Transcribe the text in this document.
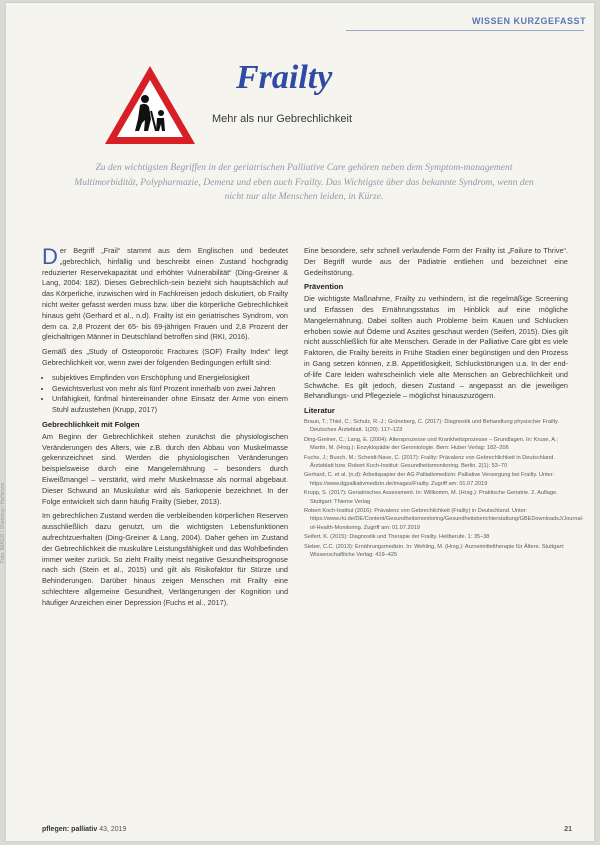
WISSEN KURZGEFASST
Frailty
Mehr als nur Gebrechlichkeit
Zu den wichtigsten Begriffen in der geriatrischen Palliative Care gehören neben dem Symptom-management Multimorbidität, Polypharmazie, Demenz und eben auch Frailty. Das Wichtigste über das bekannte Syndrom, wenn den nicht nur alte Menschen leiden, in Kürze.

Der Begriff „Frail“ stammt aus dem Englischen und bedeutet „gebrechlich, hinfällig und beschreibt einen Zustand hochgradig reduzierter Reservekapazität und erhöhter Vulnerabilität“ (Ding-Greiner & Lang, 2004: 182). Dieses Gebrechlich-sein bezieht sich hauptsächlich auf das Körperliche, inzwischen wird in Fachkreisen jedoch diskutiert, ob Frailty nicht weiter gefasst werden muss bzw. über die körperliche Gebrechlichkeit hinaus geht (Gerhard et al., n.d). Frailty ist ein geriatrisches Syndrom, von dem ca. 2,8 Prozent der 65- bis 69-jährigen Frauen und 2,8 Prozent der gleichaltrigen Männer in Deutschland betroffen sind (RKI, 2016).

Gemäß des „Study of Osteoporotic Fractures (SOF) Frailty Index“ liegt Gebrechlichkeit vor, wenn zwei der folgenden Bedingungen erfüllt sind:

• subjektives Empfinden von Erschöpfung und Energielosigkeit
• Gewichtsverlust von mehr als fünf Prozent innerhalb von zwei Jahren
• Unfähigkeit, fünfmal hintereinander ohne Einsatz der Arme von einem Stuhl aufzustehen (Krupp, 2017)
Gebrechlichkeit mit Folgen

Am Beginn der Gebrechlichkeit stehen zunächst die physiologischen Veränderungen des Alters, wie z.B. durch den Abbau von Muskelmasse gekennzeichnet sind. Werden die physiologischen Veränderungen beispielsweise durch eine Mangelernährung – besonders durch Eiweißmangel – verstärkt, wird mehr Muskelmasse als normal abgebaut. Dieser Schwund an Muskulatur wird als Sarkopenie bezeichnet. In der Folge entwickelt sich dann häufig Frailty (Sieber, 2013).

Im gebrechlichen Zustand werden die verbleibenden körperlichen Reserven ausschließlich dazu genutzt, um die wichtigsten Lebensfunktionen aufrechtzuerhalten (Ding-Greiner & Lang, 2004). Daher gehen im Zustand der Gebrechlichkeit die muskuläre Leistungsfähigkeit und das Wohlbefinden immer weiter zurück. So zieht Frailty meist negative Gesundheitsprognose nach sich (Stein et al., 2015) und gilt als Risikofaktor für Stürze und Behinderungen. Darüber hinaus zeigen Menschen mit Frailty eine schlechtere allgemeine Gesundheit, Verlängerungen der Kognition und häufiger Anzeichen einer Depression (Fuchs et al., 2017).

Eine besondere, sehr schnell verlaufende Form der Frailty ist „Failure to Thrive“. Der Begriff wurde aus der Pädiatrie entliehen und bezeichnet eine Gedeihstörung.

Prävention

Die wichtigste Maßnahme, Frailty zu verhindern, ist die regelmäßige Screening und Erfassen des Ernährungsstatus im Hinblick auf eine mögliche Mangelernährung. Dabei sollten auch Probleme beim Kauen und Schlucken erhoben sowie auf Ödeme und Aszites geschaut werden (Seifert, 2015). Dies gilt nicht ausschließlich für alte Menschen. Gerade in der Palliative Care gibt es viele Faktoren, die Frailty bereits in Frühe Stadien einer begünstigen und den Prozess in Gang setzen können, z.B. Appetitlosigkeit, Schluckstörungen u.a. In der end-of-life Care leiden wahrscheinlich viele alte Menschen an Gebrechlichkeit und Schwäche. Es gilt jedoch, diesen Zustand – angepasst an die jeweiligen Behandlungs- und Pflegeziele – möglichst hinauszuzögern.

Literatur
Braun, T.; Thiel, C.; Schulz, R.-J.; Grüneberg, C. (2017): Diagnostik und Behandlung physischer Frailty. Deutsches Ärzteblatt. 1(20): 117–123
Ding-Greiner, C.; Lang, E. (2004): Altersprozesse und Krankheitsprozesse – Grundlagen. In: Kruse, A.; Martin, M. (Hrsg.): Enzyklopädie der Gerontologie. Bern: Huber Verlag: 182–206
Fuchs, J.; Busch, M.; Scheidt-Nave, C. (2017): Frailty: Prävalenz von Gebrechlichkeit in Deutschland. Ärzteblatt bzw. Robert Koch-Institut: Gesundheitsmonitoring. Berlin. 2(1): 53–70
Gerhard, C. et al. (n.d): Arbeitspapier der AG Palliativmedizin: Palliative Versorgung bei Frailty. Unter: https://www.dgpalliativmedizin.de/images/Frailty. Zugriff am: 01.07.2019
Krupp, S. (2017): Geriatrisches Assessment. In: Willkomm, M. (Hrsg.): Praktische Geriatrie. 2. Auflage. Stuttgart: Thieme Verlag
Robert Koch-Institut (2016): Prävalenz von Gebrechlichkeit (Frailty) in Deutschland. Unter: https://www.rki.de/DE/Content/Gesundheitsmonitoring/Gesundheitsberichterstattung/GBEDownloadsJ/Journal-of-Health-Monitoring. Zugriff am: 01.07.2019
Seifert, K. (2015): Diagnostik und Therapie der Frailty. Heilberufe. 1: 35–38
Sieber, C.C. (2013): Ernährungsmedizin. In: Wehling, M. (Hrsg.): Arzneimitteltherapie für Ältere. Stuttgart: Wissenschaftliche Verlag: 419–425
Foto: IMAGO / Shotshop / Heilbronn
pflegen: palliativ 43, 2019	21
